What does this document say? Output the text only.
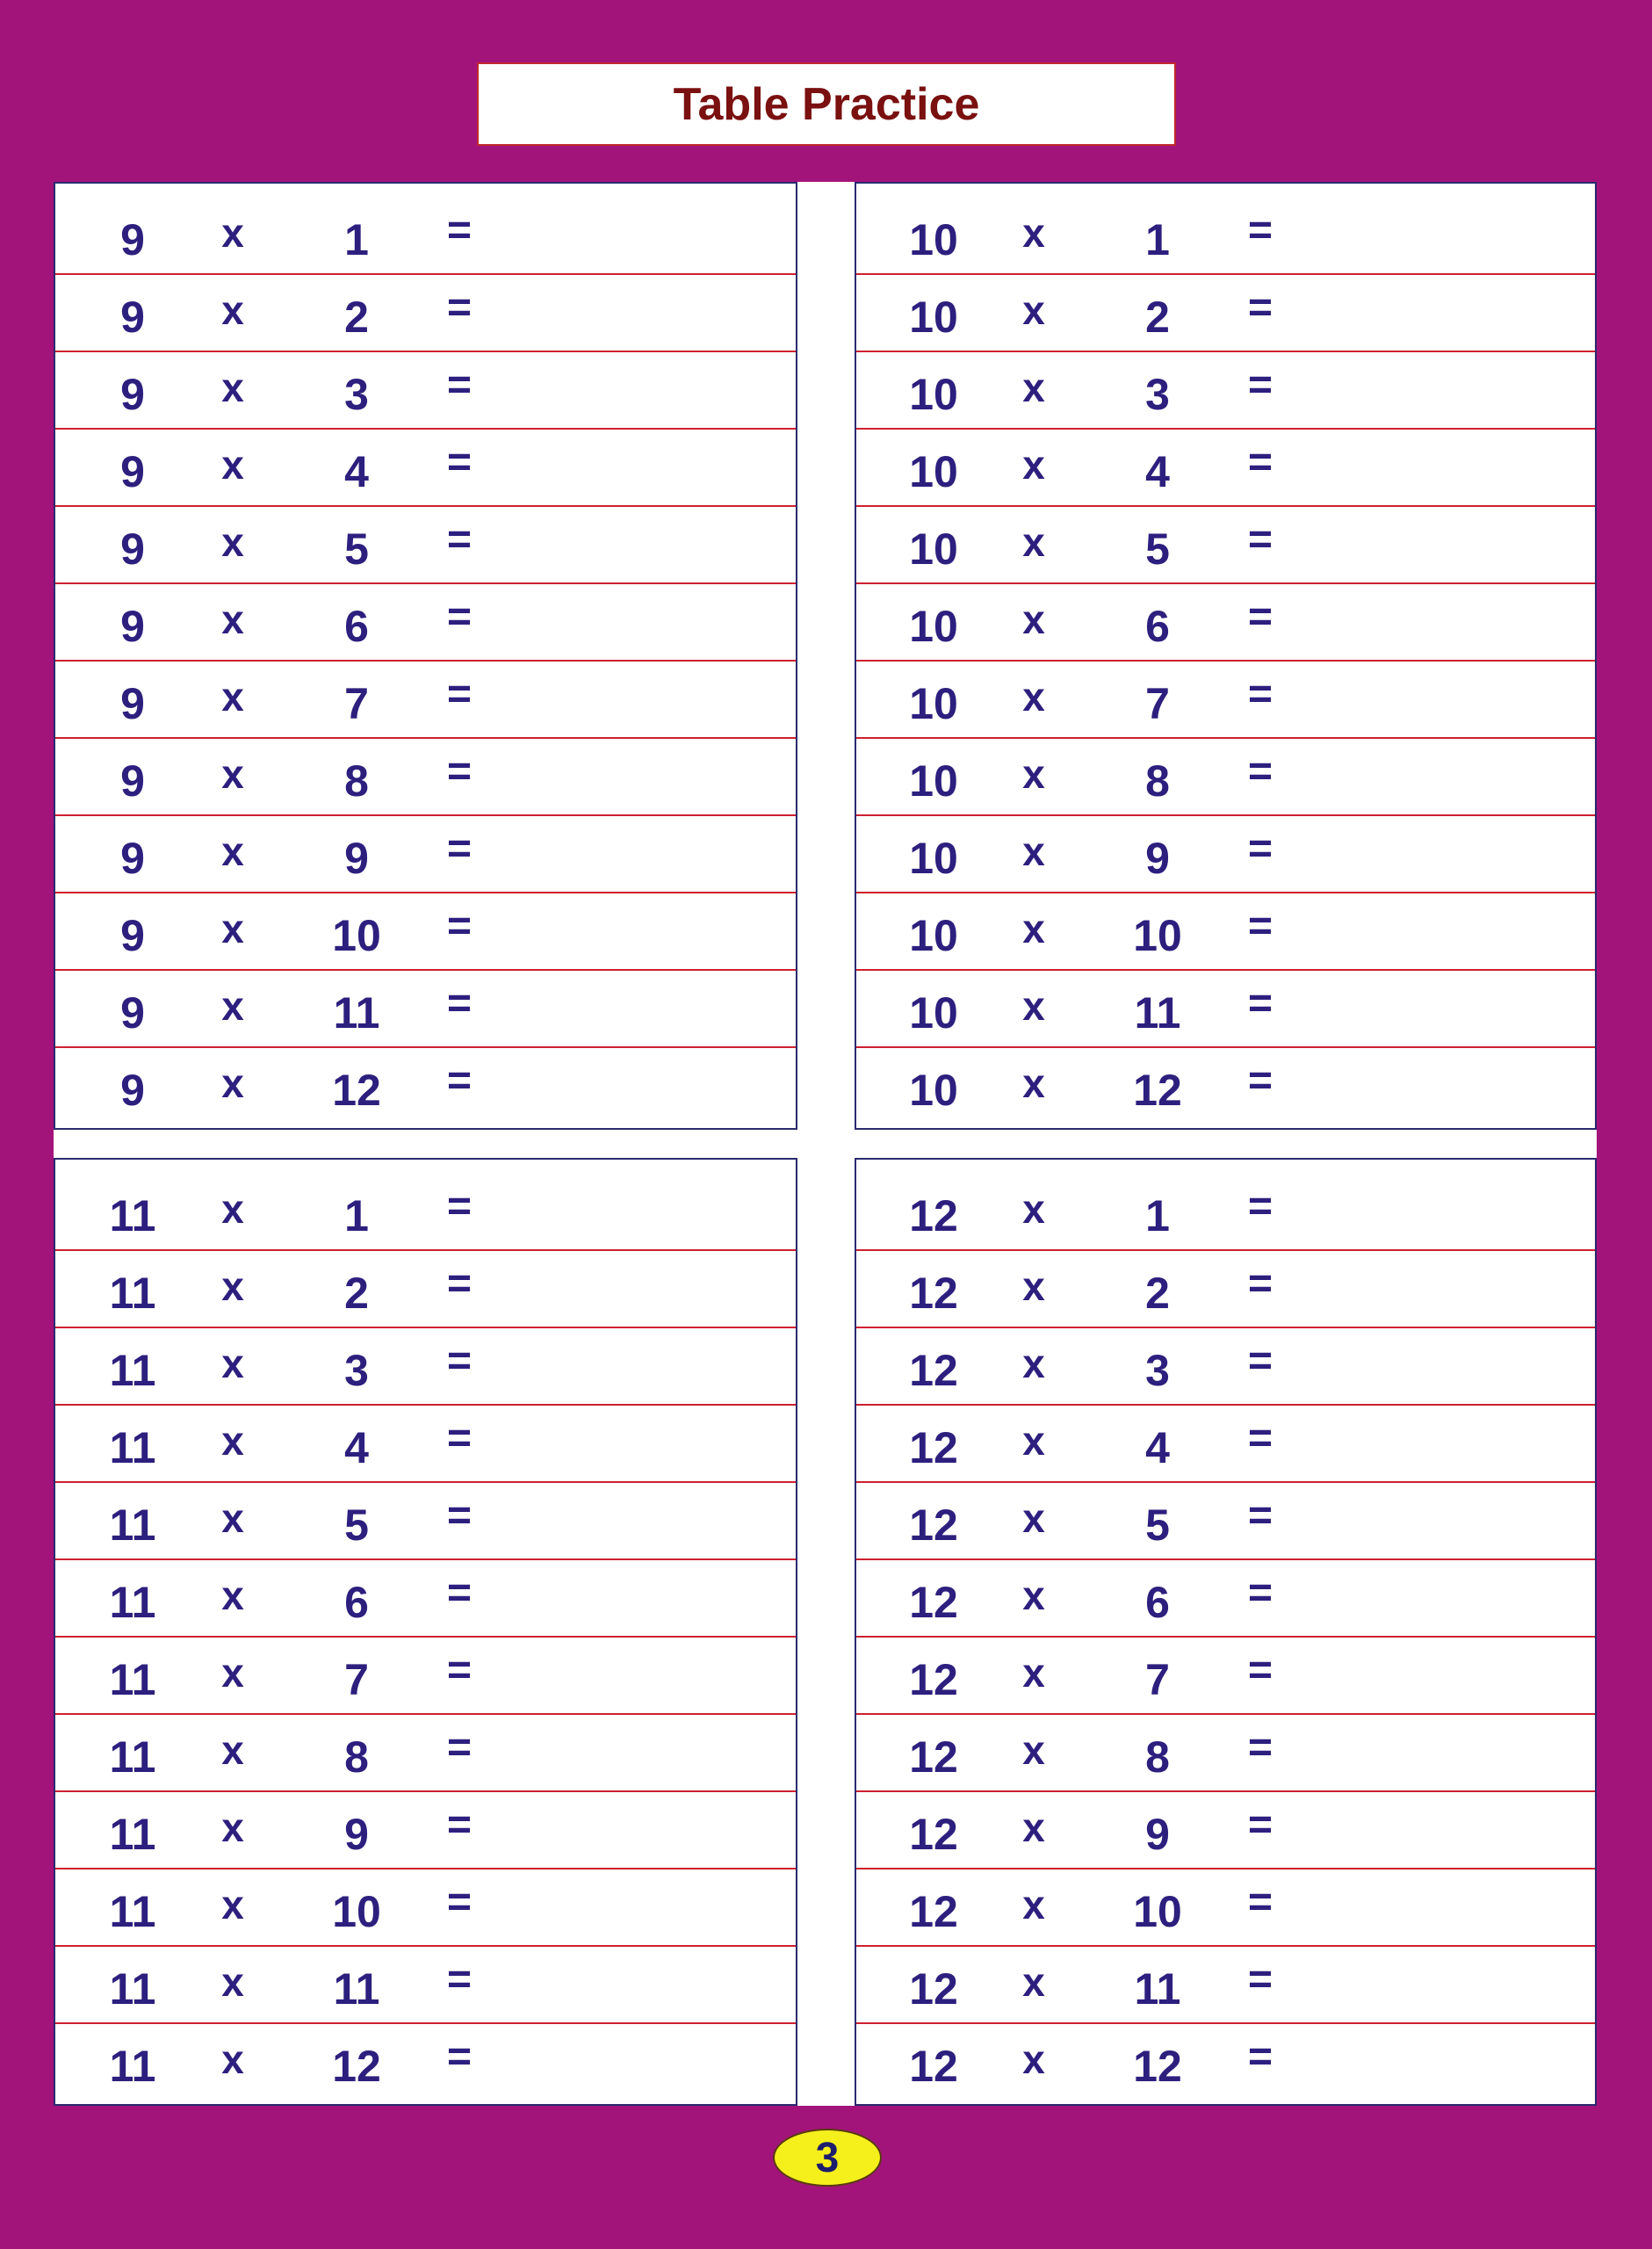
Table Practice
9	x	1	=
9	x	2	=
9	x	3	=
9	x	4	=
9	x	5	=
9	x	6	=
9	x	7	=
9	x	8	=
9	x	9	=
9	x	10	=
9	x	11	=
9	x	12	=
10	x	1	=
10	x	2	=
10	x	3	=
10	x	4	=
10	x	5	=
10	x	6	=
10	x	7	=
10	x	8	=
10	x	9	=
10	x	10	=
10	x	11	=
10	x	12	=
11	x	1	=
11	x	2	=
11	x	3	=
11	x	4	=
11	x	5	=
11	x	6	=
11	x	7	=
11	x	8	=
11	x	9	=
11	x	10	=
11	x	11	=
11	x	12	=
12	x	1	=
12	x	2	=
12	x	3	=
12	x	4	=
12	x	5	=
12	x	6	=
12	x	7	=
12	x	8	=
12	x	9	=
12	x	10	=
12	x	11	=
12	x	12	=
3
